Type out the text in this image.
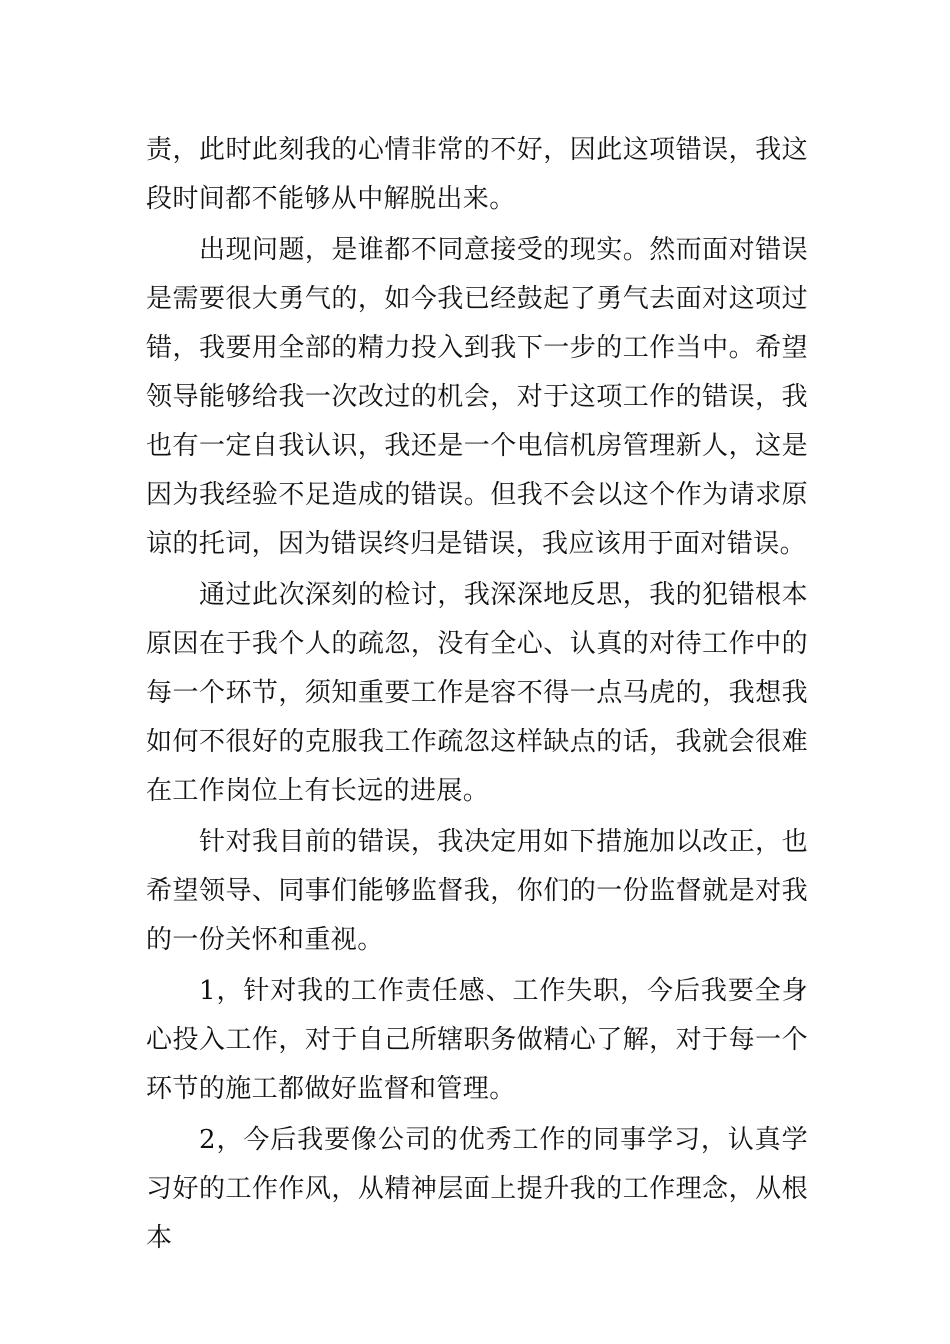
责，此时此刻我的心情非常的不好，因此这项错误，我这段时间都不能够从中解脱出来。

出现问题，是谁都不同意接受的现实。然而面对错误是需要很大勇气的，如今我已经鼓起了勇气去面对这项过错，我要用全部的精力投入到我下一步的工作当中。希望领导能够给我一次改过的机会，对于这项工作的错误，我也有一定自我认识，我还是一个电信机房管理新人，这是因为我经验不足造成的错误。但我不会以这个作为请求原谅的托词，因为错误终归是错误，我应该用于面对错误。

通过此次深刻的检讨，我深深地反思，我的犯错根本原因在于我个人的疏忽，没有全心、认真的对待工作中的每一个环节，须知重要工作是容不得一点马虎的，我想我如何不很好的克服我工作疏忽这样缺点的话，我就会很难在工作岗位上有长远的进展。

针对我目前的错误，我决定用如下措施加以改正，也希望领导、同事们能够监督我，你们的一份监督就是对我的一份关怀和重视。

1，针对我的工作责任感、工作失职，今后我要全身心投入工作，对于自己所辖职务做精心了解，对于每一个环节的施工都做好监督和管理。

2，今后我要像公司的优秀工作的同事学习，认真学习好的工作作风，从精神层面上提升我的工作理念，从根本
